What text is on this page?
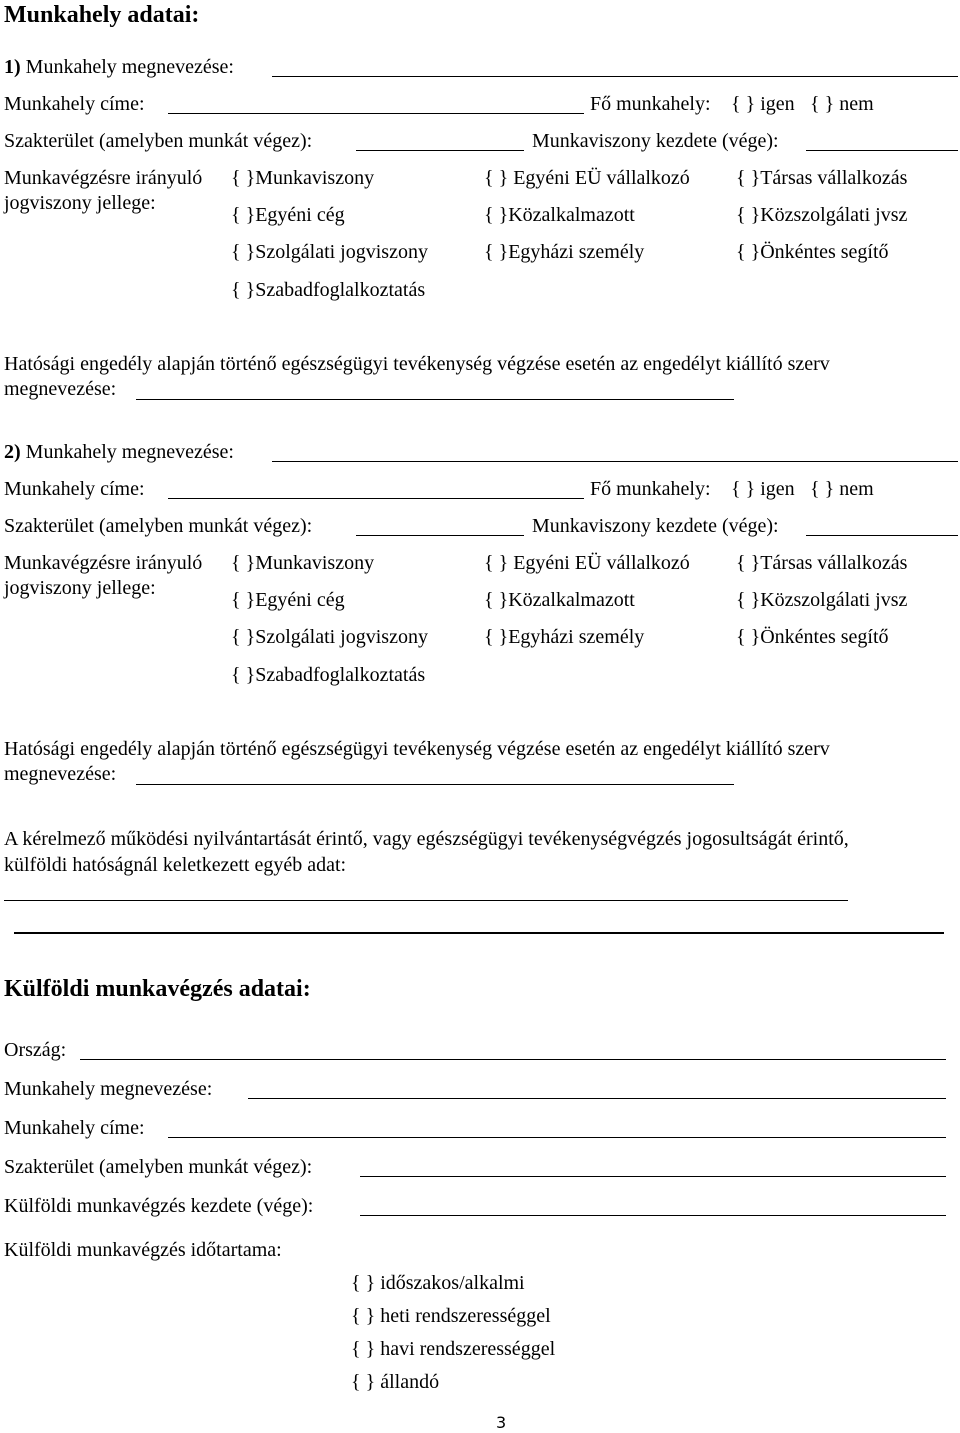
Munkahely adatai:
1) Munkahely megnevezése:
Munkahely címe:	Fő munkahely: { } igen { } nem
Szakterület (amelyben munkát végez):	Munkaviszony kezdete (vége):
Munkavégzésre irányuló
jogviszony jellege:
{ }Munkaviszony	{ } Egyéni EÜ vállalkozó { }Társas vállalkozás
{ }Egyéni cég	{ }Közalkalmazott	{ }Közszolgálati jvsz
{ }Szolgálati jogviszony	{ }Egyházi személy	{ }Önkéntes segítő
{ }Szabadfoglalkoztatás
Hatósági engedély alapján történő egészségügyi tevékenység végzése esetén az engedélyt kiállító szerv
megnevezése:
2) Munkahely megnevezése:
Munkahely címe:	Fő munkahely: { } igen { } nem
Szakterület (amelyben munkát végez):	Munkaviszony kezdete (vége):
Munkavégzésre irányuló
jogviszony jellege:
{ }Munkaviszony	{ } Egyéni EÜ vállalkozó { }Társas vállalkozás
{ }Egyéni cég	{ }Közalkalmazott	{ }Közszolgálati jvsz
{ }Szolgálati jogviszony	{ }Egyházi személy	{ }Önkéntes segítő
{ }Szabadfoglalkoztatás
Hatósági engedély alapján történő egészségügyi tevékenység végzése esetén az engedélyt kiállító szerv
megnevezése:
A kérelmező működési nyilvántartását érintő, vagy egészségügyi tevékenységvégzés jogosultságát érintő,
külföldi hatóságnál keletkezett egyéb adat:
Külföldi munkavégzés adatai:
Ország:
Munkahely megnevezése:
Munkahely címe:
Szakterület (amelyben munkát végez):
Külföldi munkavégzés kezdete (vége):
Külföldi munkavégzés időtartama:
{ } időszakos/alkalmi
{ } heti rendszerességgel
{ } havi rendszerességgel
{ } állandó
3
